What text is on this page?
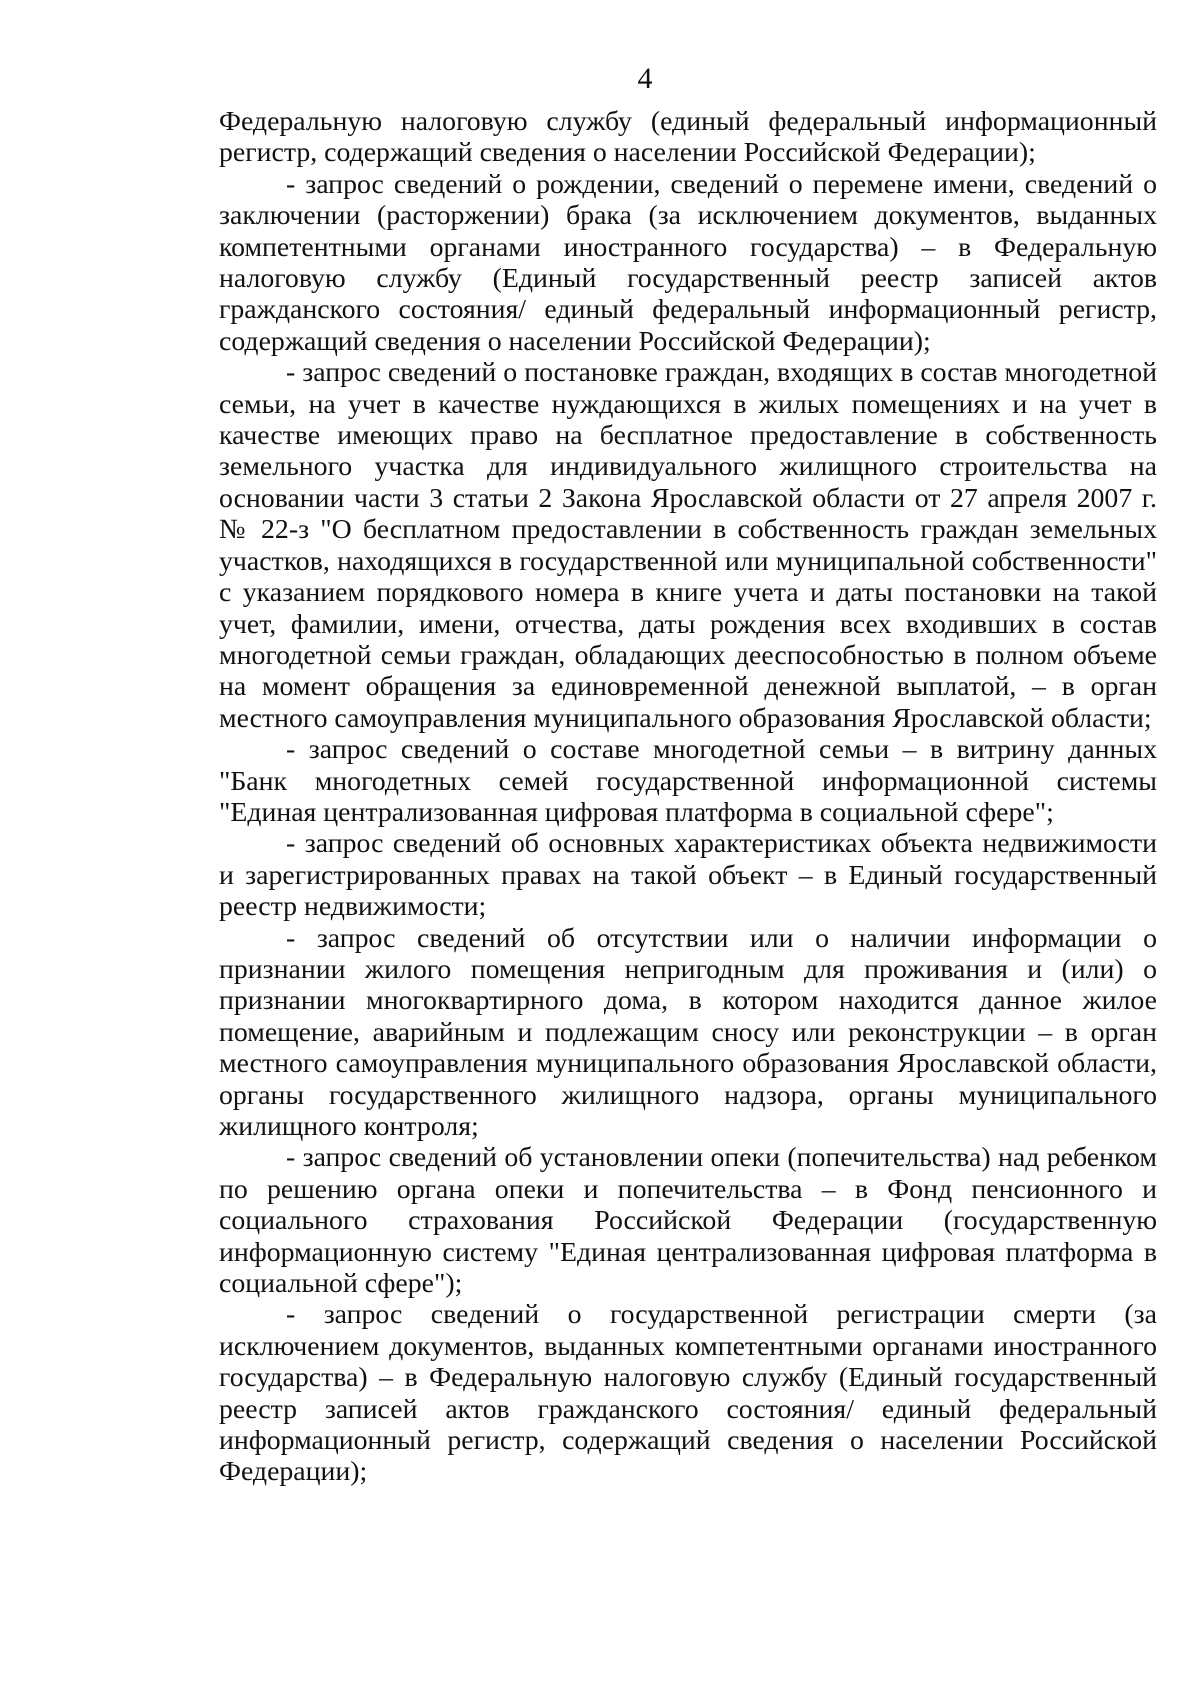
4

Федеральную налоговую службу (единый федеральный информационный регистр, содержащий сведения о населении Российской Федерации);

- запрос сведений о рождении, сведений о перемене имени, сведений о заключении (расторжении) брака (за исключением документов, выданных компетентными органами иностранного государства) – в Федеральную налоговую службу (Единый государственный реестр записей актов гражданского состояния/ единый федеральный информационный регистр, содержащий сведения о населении Российской Федерации);

- запрос сведений о постановке граждан, входящих в состав многодетной семьи, на учет в качестве нуждающихся в жилых помещениях и на учет в качестве имеющих право на бесплатное предоставление в собственность земельного участка для индивидуального жилищного строительства на основании части 3 статьи 2 Закона Ярославской области от 27 апреля 2007 г. № 22-з "О бесплатном предоставлении в собственность граждан земельных участков, находящихся в государственной или муниципальной собственности" с указанием порядкового номера в книге учета и даты постановки на такой учет, фамилии, имени, отчества, даты рождения всех входивших в состав многодетной семьи граждан, обладающих дееспособностью в полном объеме на момент обращения за единовременной денежной выплатой, – в орган местного самоуправления муниципального образования Ярославской области;

- запрос сведений о составе многодетной семьи – в витрину данных "Банк многодетных семей государственной информационной системы "Единая централизованная цифровая платформа в социальной сфере";

- запрос сведений об основных характеристиках объекта недвижимости и зарегистрированных правах на такой объект – в Единый государственный реестр недвижимости;

- запрос сведений об отсутствии или о наличии информации о признании жилого помещения непригодным для проживания и (или) о признании многоквартирного дома, в котором находится данное жилое помещение, аварийным и подлежащим сносу или реконструкции – в орган местного самоуправления муниципального образования Ярославской области, органы государственного жилищного надзора, органы муниципального жилищного контроля;

- запрос сведений об установлении опеки (попечительства) над ребенком по решению органа опеки и попечительства – в Фонд пенсионного и социального страхования Российской Федерации (государственную информационную систему "Единая централизованная цифровая платформа в социальной сфере");

- запрос сведений о государственной регистрации смерти (за исключением документов, выданных компетентными органами иностранного государства) – в Федеральную налоговую службу (Единый государственный реестр записей актов гражданского состояния/ единый федеральный информационный регистр, содержащий сведения о населении Российской Федерации);
